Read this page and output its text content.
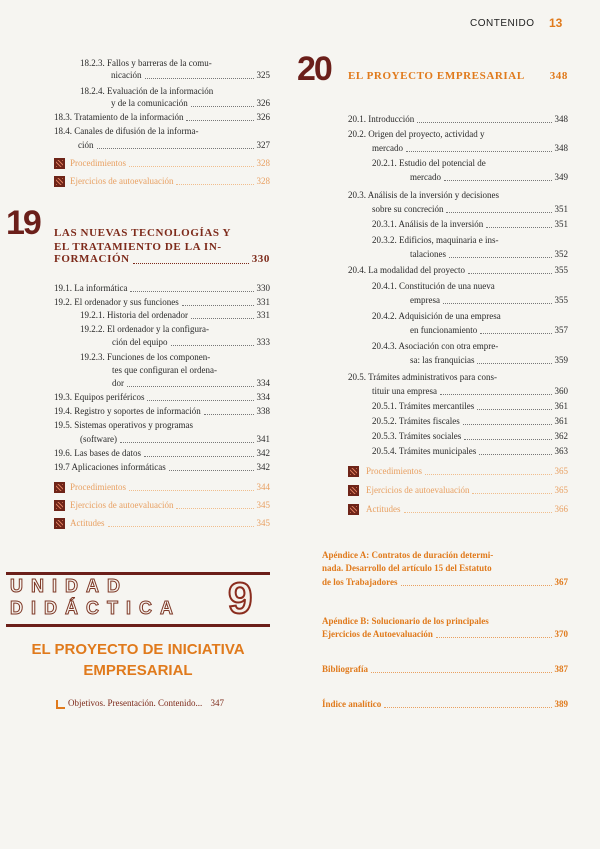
CONTENIDO 13
18.2.3. Fallos y barreras de la comu-
nicación	325
18.2.4. Evaluación de la información
y de la comunicación	326
18.3. Tratamiento de la información	326
18.4. Canales de difusión de la informa-
ción	327
Procedimientos	328
Ejercicios de autoevaluación	328
19 LAS NUEVAS TECNOLOGÍAS Y
EL TRATAMIENTO DE LA IN-
FORMACIÓN	330
19.1. La informática	330
19.2. El ordenador y sus funciones	331
19.2.1. Historia del ordenador	331
19.2.2. El ordenador y la configura-
ción del equipo	333
19.2.3. Funciones de los componen-
tes que configuran el ordena-
dor	334
19.3. Equipos periféricos	334
19.4. Registro y soportes de información	338
19.5. Sistemas operativos y programas
(software)	341
19.6. Las bases de datos	342
19.7 Aplicaciones informáticas	342
Procedimientos	344
Ejercicios de autoevaluación	345
Actitudes	345
UNIDAD
DIDÁCTICA 9
EL PROYECTO DE INICIATIVA
EMPRESARIAL
Objetivos. Presentación. Contenido... 347
20 EL PROYECTO EMPRESARIAL 348
20.1. Introducción	348
20.2. Origen del proyecto, actividad y
mercado	348
20.2.1. Estudio del potencial de
mercado	349
20.3. Análisis de la inversión y decisiones
sobre su concreción	351
20.3.1. Análisis de la inversión	351
20.3.2. Edificios, maquinaria e ins-
talaciones	352
20.4. La modalidad del proyecto	355
20.4.1. Constitución de una nueva
empresa	355
20.4.2. Adquisición de una empresa
en funcionamiento	357
20.4.3. Asociación con otra empre-
sa: las franquicias	359
20.5. Trámites administrativos para cons-
tituir una empresa	360
20.5.1. Trámites mercantiles	361
20.5.2. Trámites fiscales	361
20.5.3. Trámites sociales	362
20.5.4. Trámites municipales	363
Procedimientos	365
Ejercicios de autoevaluación	365
Actitudes	366
Apéndice A: Contratos de duración determi-
nada. Desarrollo del artículo 15 del Estatuto
de los Trabajadores	367
Apéndice B: Solucionario de los principales
Ejercicios de Autoevaluación	370
Bibliografía	387
Índice analítico	389
